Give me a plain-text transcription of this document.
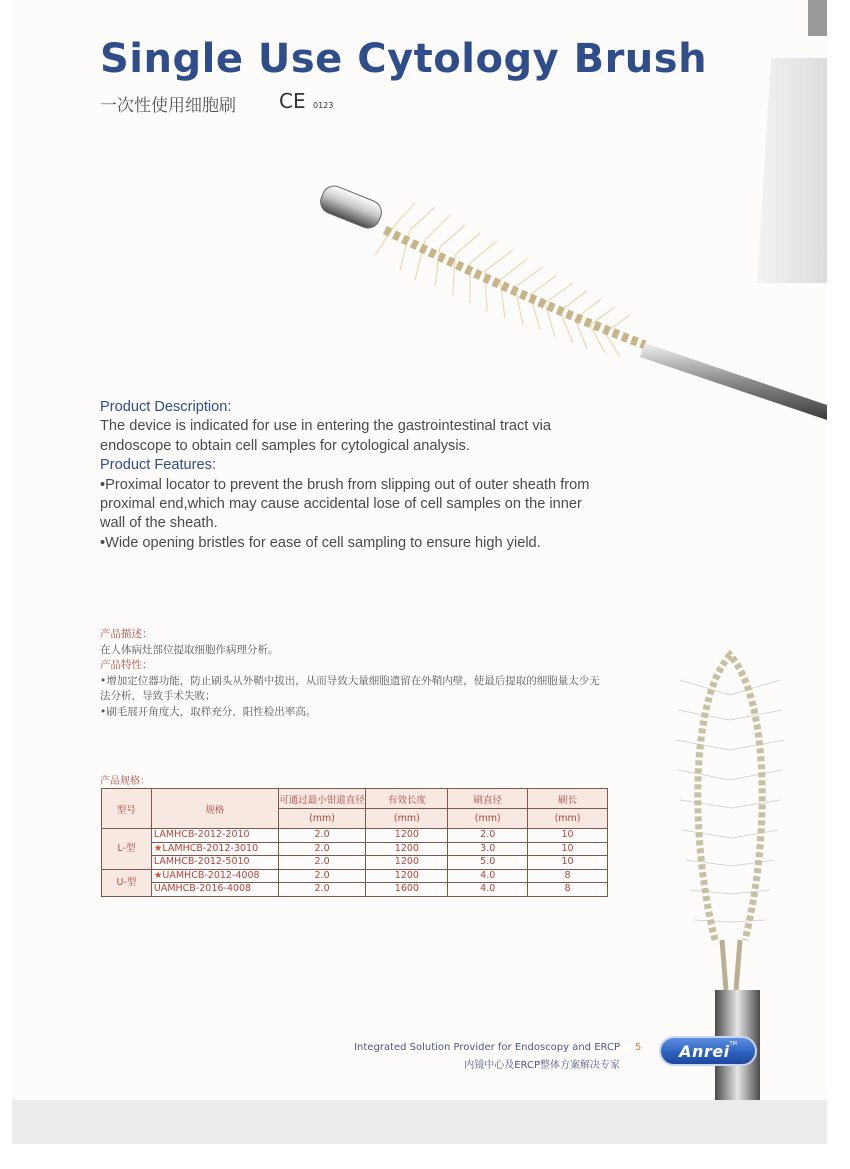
Single Use Cytology Brush
一次性使用细胞刷 CE 0123

Product Description:

The device is indicated for use in entering the gastrointestinal tract via endoscope to obtain cell samples for cytological analysis.

Product Features:

•Proximal locator to prevent the brush from slipping out of outer sheath from proximal end,which may cause accidental lose of cell samples on the inner wall of the sheath.

•Wide opening bristles for ease of cell sampling to ensure high yield.

产品描述：

在人体病灶部位提取细胞作病理分析。

产品特性：

•增加定位器功能，防止刷头从外鞘中拔出，从而导致大量细胞遗留在外鞘内壁，使最后提取的细胞量太少无法分析，导致手术失败；

•刷毛展开角度大，取样充分，阳性检出率高。

产品规格：
型号	规格	可通过最小钳道直径	有效长度	刷直径	刷长
		(mm)	(mm)	(mm)	(mm)
L-型	LAMHCB-2012-2010	2.0	1200	2.0	10
	★LAMHCB-2012-3010	2.0	1200	3.0	10
	LAMHCB-2012-5010	2.0	1200	5.0	10
U-型	★UAMHCB-2012-4008	2.0	1200	4.0	8
	UAMHCB-2016-4008	2.0	1600	4.0	8
Integrated Solution Provider for Endoscopy and ERCP
内镜中心及ERCP整体方案解决专家
5 Anrei TM
